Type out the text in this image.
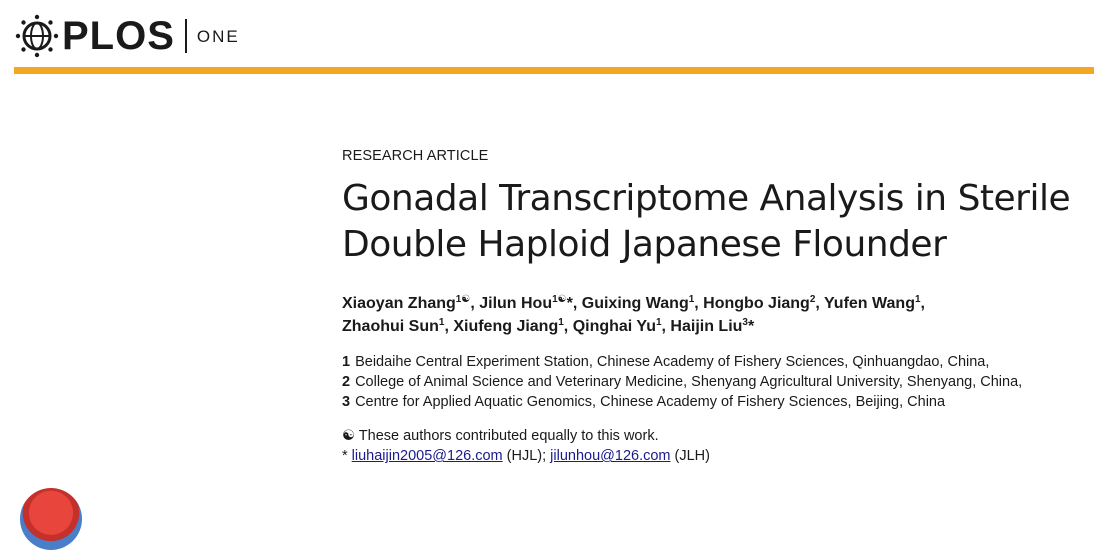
PLOS ONE
RESEARCH ARTICLE
Gonadal Transcriptome Analysis in Sterile Double Haploid Japanese Flounder
Xiaoyan Zhang$^{1☯}$, Jilun Hou$^{1☯}$*, Guixing Wang$^1$, Hongbo Jiang$^2$, Yufen Wang$^1$,
Zhaohui Sun$^1$, Xiufeng Jiang$^1$, Qinghai Yu$^1$, Haijin Liu$^3$*
1 Beidaihe Central Experiment Station, Chinese Academy of Fishery Sciences, Qinhuangdao, China,
2 College of Animal Science and Veterinary Medicine, Shenyang Agricultural University, Shenyang, China,
3 Centre for Applied Aquatic Genomics, Chinese Academy of Fishery Sciences, Beijing, China
☯ These authors contributed equally to this work.
* liuhaijin2005@126.com (HJL); jilunhou@126.com (JLH)
